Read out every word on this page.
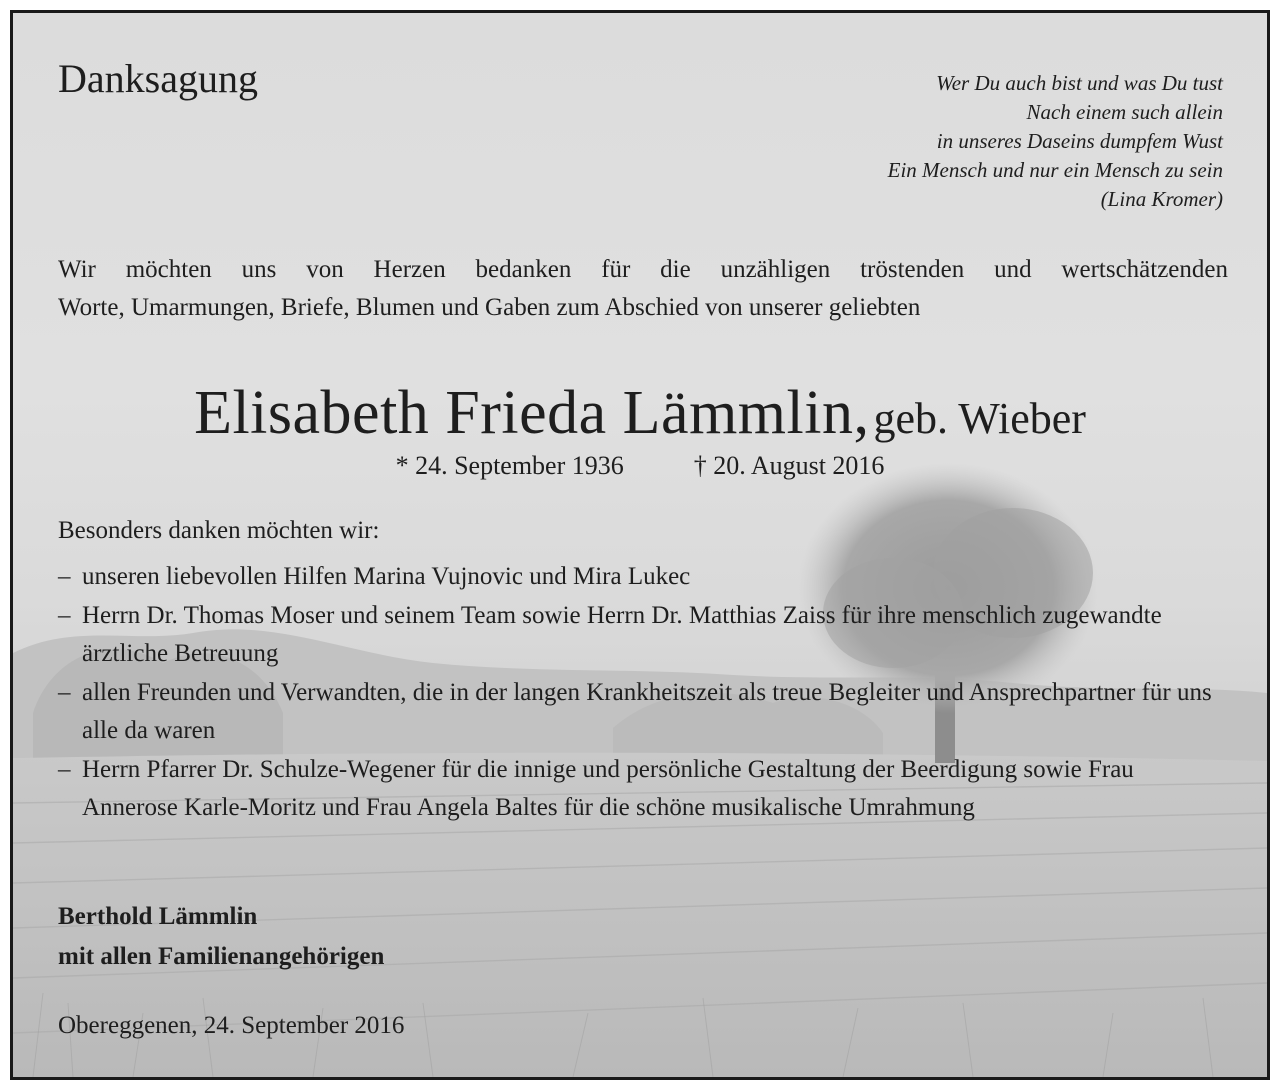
Danksagung	Wer Du auch bist und was Du tust
Nach einem such allein
in unseres Daseins dumpfem Wust
Ein Mensch und nur ein Mensch zu sein
(Lina Kromer)
Wir möchten uns von Herzen bedanken für die unzähligen tröstenden und wertschätzenden
Worte, Umarmungen, Briefe, Blumen und Gaben zum Abschied von unserer geliebten
Elisabeth Frieda Lämmlin, geb. Wieber
* 24. September 1936	† 20. August 2016
Besonders danken möchten wir:
– unseren liebevollen Hilfen Marina Vujnovic und Mira Lukec
– Herrn Dr. Thomas Moser und seinem Team sowie Herrn Dr. Matthias Zaiss für ihre menschlich zugewandte ärztliche Betreuung
– allen Freunden und Verwandten, die in der langen Krankheitszeit als treue Begleiter und Ansprechpartner für uns alle da waren
– Herrn Pfarrer Dr. Schulze-Wegener für die innige und persönliche Gestaltung der Beerdigung sowie Frau Annerose Karle-Moritz und Frau Angela Baltes für die schöne musikalische Umrahmung
Berthold Lämmlin
mit allen Familienangehörigen
Obereggenen, 24. September 2016
